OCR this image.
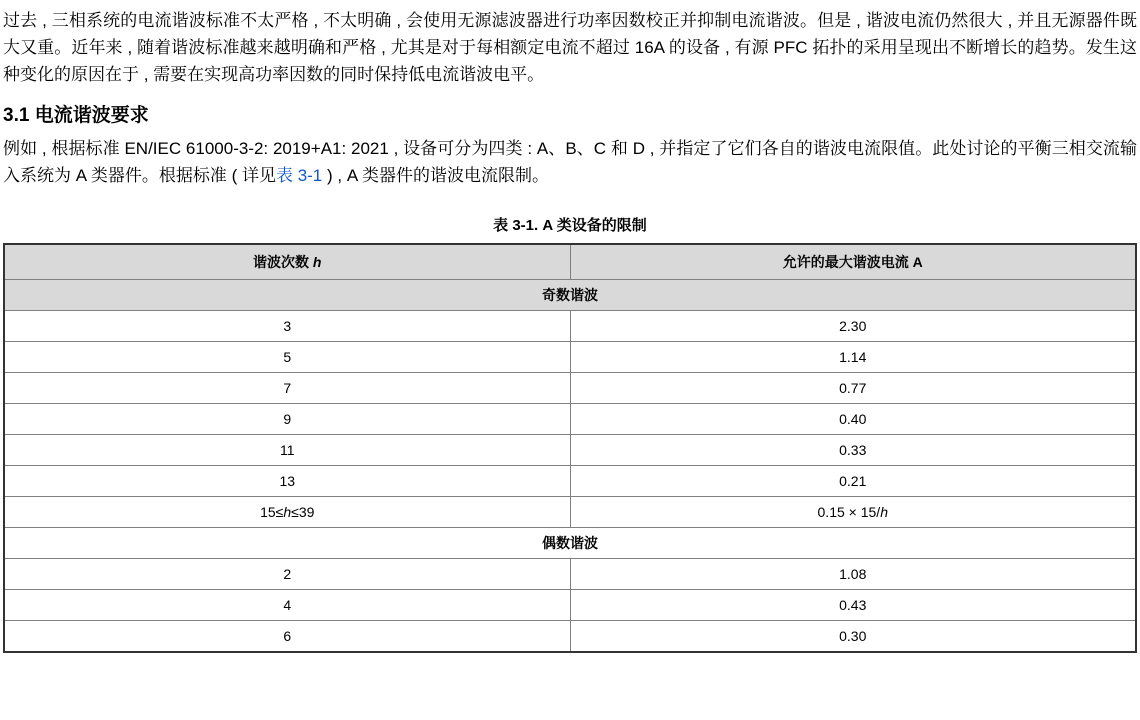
过去 , 三相系统的电流谐波标准不太严格 , 不太明确 , 会使用无源滤波器进行功率因数校正并抑制电流谐波。但是 , 谐波电流仍然很大 , 并且无源器件既大又重。近年来 , 随着谐波标准越来越明确和严格 , 尤其是对于每相额定电流不超过 16A 的设备 , 有源 PFC 拓扑的采用呈现出不断增长的趋势。发生这种变化的原因在于 , 需要在实现高功率因数的同时保持低电流谐波电平。

3.1 电流谐波要求

例如 , 根据标准 EN/IEC 61000-3-2: 2019+A1: 2021 , 设备可分为四类 : A、B、C 和 D , 并指定了它们各自的谐波电流限值。此处讨论的平衡三相交流输入系统为 A 类器件。根据标准 ( 详见表 3-1 ) , A 类器件的谐波电流限制。

表 3-1. A 类设备的限制
谐波次数 h	允许的最大谐波电流 A
奇数谐波	
3	2.30
5	1.14
7	0.77
9	0.40
11	0.33
13	0.21
15≤h≤39	0.15 × 15/h
偶数谐波	
2	1.08
4	0.43
6	0.30
